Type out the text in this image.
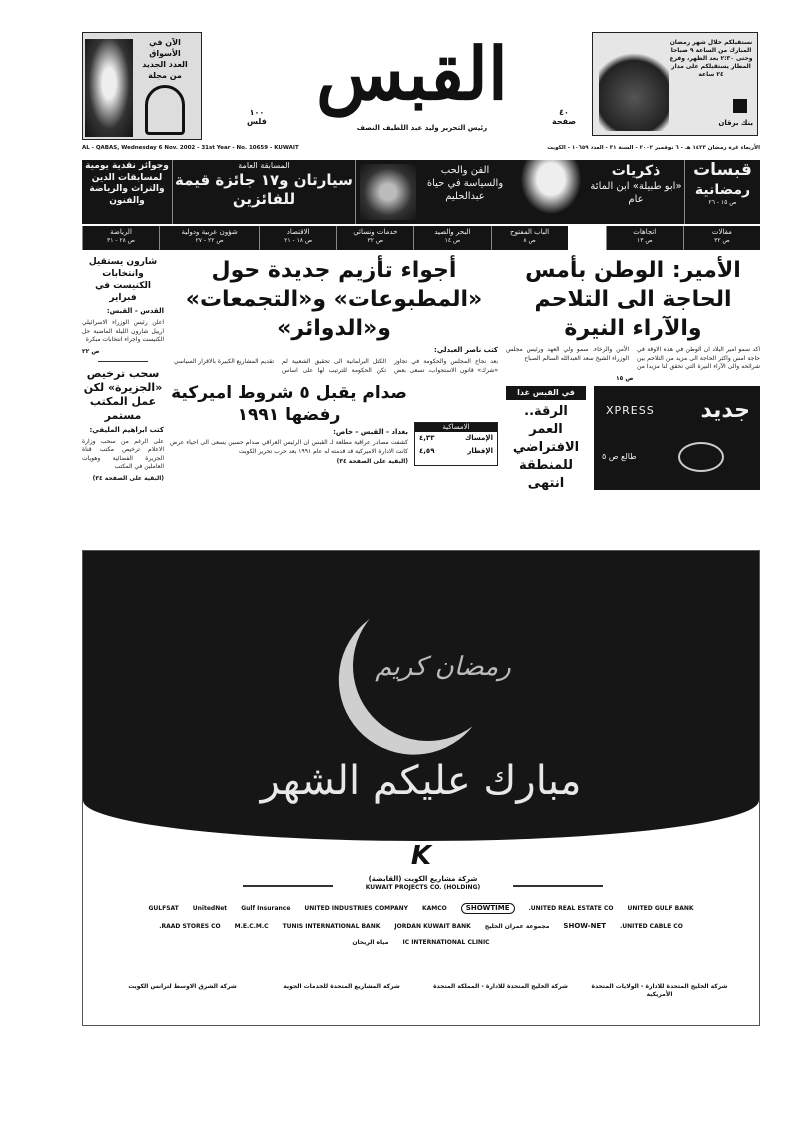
الآن في الأسواق
العدد الجديد
من مجلة	القبس
١٠٠
فلس
رئيس التحرير وليد عبد اللطيف النصف
٤٠
صفحة
نستقبلكم خلال شهر رمضان المبارك من الساعة ٩ صباحا وحتى ٢:٣٠ بعد الظهر، وفرع المطار يستقبلكم على مدار ٢٤ ساعة
بنك برقان
AL - QABAS, Wednesday 6 Nov. 2002 - 31st Year - No. 10659 - KUWAIT	الأربعاء غرة رمضان ١٤٢٣ هـ - ٦ نوفمبر ٢٠٠٢ - السنة ٣١ - العدد ١٠٦٥٩ - الكويت
قبسات
رمضانية
ص ١٥ - ٢٦
ذكريات
«ابو طبيلة» ابن المائة عام
الفن والحب
والسياسة في حياة عبدالحليم
المسابقة العامة
سيارتان و١٧ جائزة قيمة للفائزين
وجوائز نقدية يومية لمسابقات الدين والتراث والرياضة والفنون
مقالات
ص ٣٢
اتجاهات
ص ١٣
الباب المفتوح
ص ٨
البحر والصيد
ص ١٤
خدمات ونسائي
ص ٣٢
الاقتصاد
ص ١٨ - ٢١
شؤون عربية ودولية
ص ٢٢ - ٢٧
الرياضة
ص ٢٨ - ٣١
الأمير: الوطن بأمس الحاجة الى التلاحم والآراء النيرة
اكد سمو امير البلاد ان الوطن في هذه الاوقة في حاجة امس واكثر الحاجة الى مزيد من التلاحم بين شرائحه والى الآراء النيرة التي تحقق لنا مزيدا من الأمن والرخاء. سمو ولي العهد ورئيس مجلس الوزراء الشيخ سعد العبدالله السالم الصباح
ص ١٥
جديد
XPRESS
طالع ص ٥
في القبس غدا
الرقة.. العمر الافتراضي للمنطقة انتهى
أجواء تأزيم جديدة حول «المطبوعات» و«التجمعات» و«الدوائر»
كتب ناصر العبدلي:
بعد نجاح المجلس والحكومة في تجاوز «شرك» قانون الاستجواب، تسعى بعض الكتل البرلمانية الى تحقيق الشعبية لم تكن الحكومة للترتيب لها على اساس تقديم المشاريع الكبيرة بالاقرار السياسي
الامساكية
الإمساك
٤,٣٣
الإفطار
٤,٥٩
صدام يقبل ٥ شروط اميركية رفضها ١٩٩١
بغداد - القبس - خاص:
كشفت مصادر عراقية مطلعة لـ القبس ان الرئيس العراقي صدام حسين يسعى الى احياء عرض كانت الادارة الاميركية قد قدمته له عام ١٩٩١ بعد حرب تحرير الكويت
(البقية على الصفحة ٣٤)
شارون يستقيل وانتخابات الكنيست في فبراير
القدس - القبس:
اعلن رئيس الوزراء الاسرائيلي ارييل شارون الليلة الماضية حل الكنيست واجراء انتخابات مبكرة
ص ٢٢
سحب ترخيص «الجزيرة» لكن عمل المكتب مستمر
كتب ابراهيم المليفي:
على الرغم من سحب وزارة الاعلام ترخيص مكتب قناة الجزيرة الفضائية وهويات العاملين في المكتب
(البقية على الصفحة ٣٤)
رمضان كريم
مبارك عليكم الشهر
K
شركة مشاريع الكويت (القابضة)
KUWAIT PROJECTS CO. (HOLDING)
UNITED GULF BANK
UNITED REAL ESTATE CO.
SHOWTIME
KAMCO
UNITED INDUSTRIES COMPANY
Gulf Insurance
UnitedNet
GULFSAT
UNITED CABLE CO.
SHOW-NET
مجموعة عمران الخليج
JORDAN KUWAIT BANK
TUNIS INTERNATIONAL BANK
M.E.C.M.C
RAAD STORES CO.
IC INTERNATIONAL CLINIC
مياه الريحان
شركة الخليج المتحدة للادارة - الولايات المتحدة الأمريكية
شركة الخليج المتحدة للادارة - المملكة المتحدة
شركة المشاريع المتحدة للخدمات الجوية
شركة الشرق الاوسط لترانس الكويت
